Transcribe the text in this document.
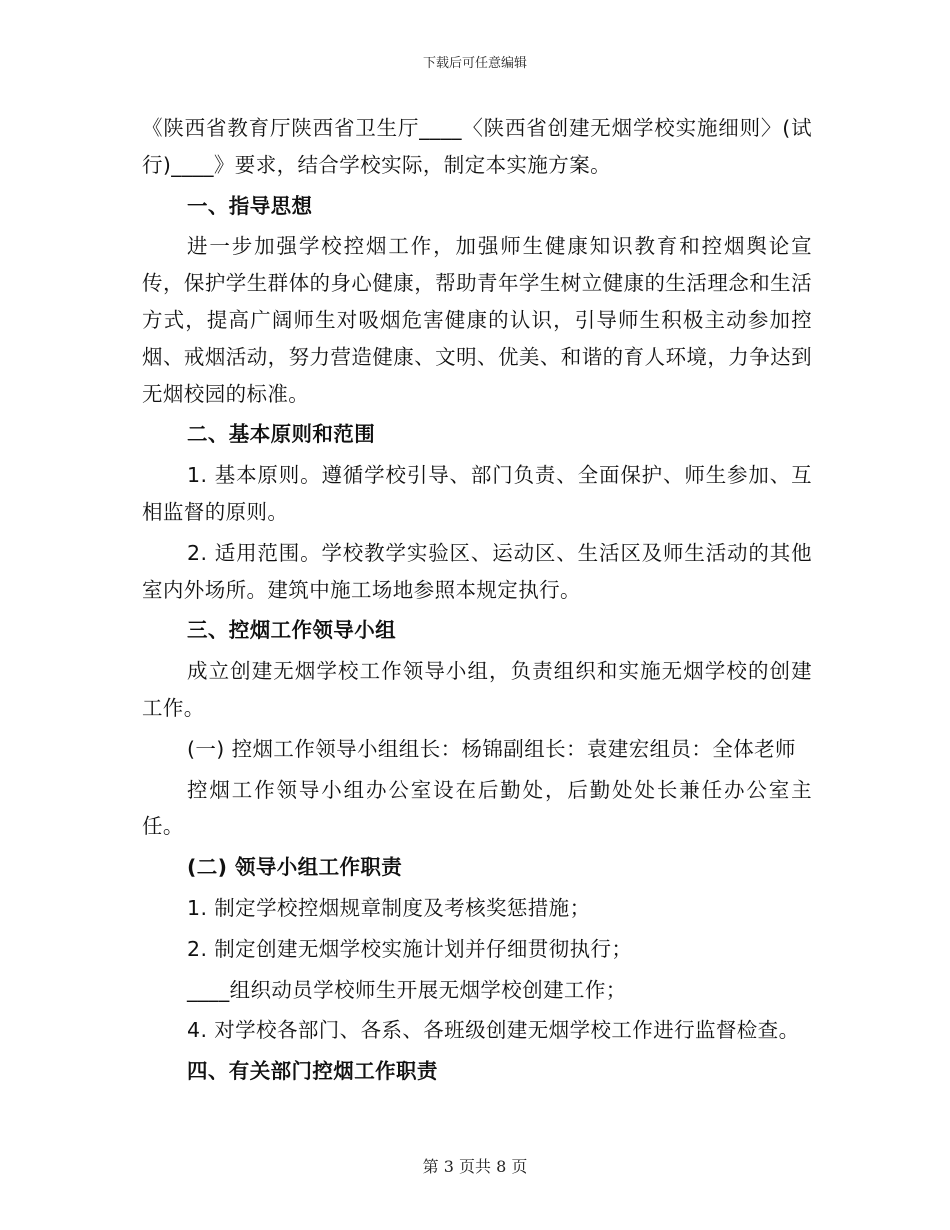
下载后可任意编辑

《陕西省教育厅陕西省卫生厅____〈陕西省创建无烟学校实施细则〉(试行)____》要求，结合学校实际，制定本实施方案。

一、指导思想

进一步加强学校控烟工作，加强师生健康知识教育和控烟舆论宣传，保护学生群体的身心健康，帮助青年学生树立健康的生活理念和生活方式，提高广阔师生对吸烟危害健康的认识，引导师生积极主动参加控烟、戒烟活动，努力营造健康、文明、优美、和谐的育人环境，力争达到无烟校园的标准。

二、基本原则和范围

1. 基本原则。遵循学校引导、部门负责、全面保护、师生参加、互相监督的原则。

2. 适用范围。学校教学实验区、运动区、生活区及师生活动的其他室内外场所。建筑中施工场地参照本规定执行。

三、控烟工作领导小组

成立创建无烟学校工作领导小组，负责组织和实施无烟学校的创建工作。

(一) 控烟工作领导小组组长：杨锦副组长：袁建宏组员：全体老师

控烟工作领导小组办公室设在后勤处，后勤处处长兼任办公室主任。

(二) 领导小组工作职责

1. 制定学校控烟规章制度及考核奖惩措施；

2. 制定创建无烟学校实施计划并仔细贯彻执行；

____组织动员学校师生开展无烟学校创建工作；

4. 对学校各部门、各系、各班级创建无烟学校工作进行监督检查。

四、有关部门控烟工作职责

第 3 页共 8 页
